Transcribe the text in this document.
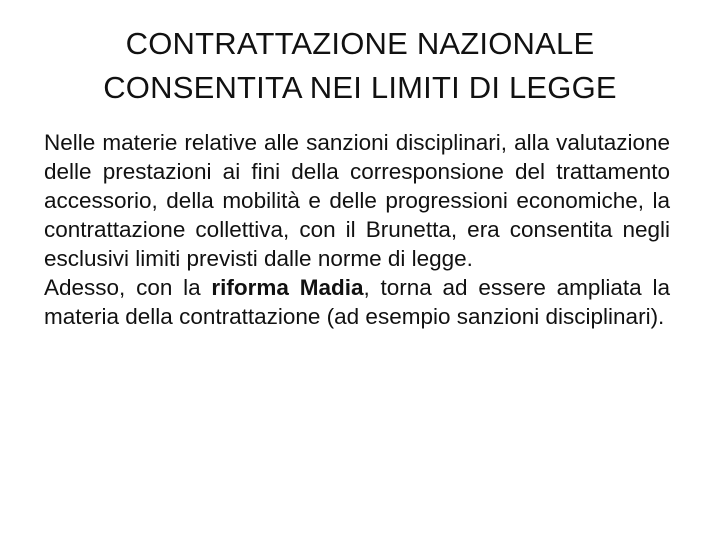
CONTRATTAZIONE NAZIONALE
CONSENTITA NEI LIMITI DI LEGGE

Nelle materie relative alle sanzioni disciplinari, alla valutazione delle prestazioni ai fini della corresponsione del trattamento accessorio, della mobilità e delle progressioni economiche, la contrattazione collettiva, con il Brunetta, era consentita negli esclusivi limiti previsti dalle norme di legge.

Adesso, con la riforma Madia, torna ad essere ampliata la materia della contrattazione (ad esempio sanzioni disciplinari).
